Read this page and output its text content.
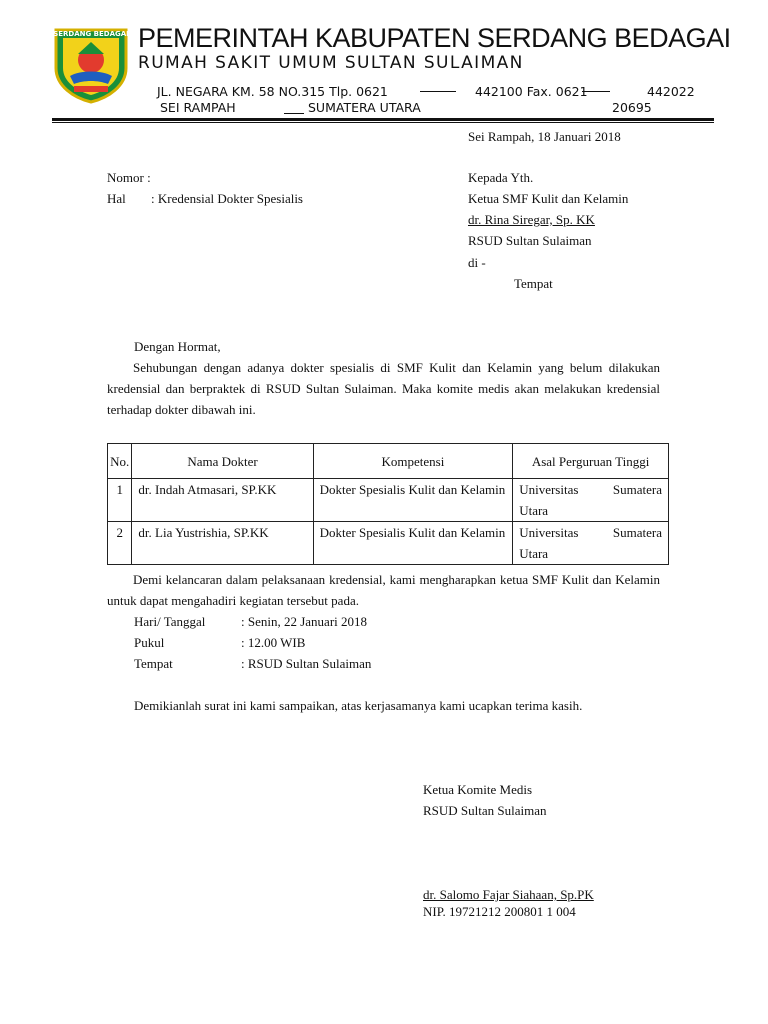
SERDANG BEDAGAI PEMERINTAH KABUPATEN SERDANG BEDAGAI
RUMAH SAKIT UMUM SULTAN SULAIMAN
JL. NEGARA KM. 58 NO.315 Tlp. 0621	442100 Fax. 0621	442022
SEI RAMPAH	SUMATERA UTARA	20695
Sei Rampah, 18 Januari 2018
Nomor :
Hal : Kredensial Dokter Spesialis
Kepada Yth.
Ketua SMF Kulit dan Kelamin
dr. Rina Siregar, Sp. KK
RSUD Sultan Sulaiman
di -
Tempat
Dengan Hormat,
Sehubungan dengan adanya dokter spesialis di SMF Kulit dan Kelamin yang belum dilakukan kredensial dan berpraktek di RSUD Sultan Sulaiman. Maka komite medis akan melakukan kredensial terhadap dokter dibawah ini.
No.	Nama Dokter	Kompetensi	Asal Perguruan Tinggi
1	dr. Indah Atmasari, SP.KK	Dokter Spesialis Kulit dan Kelamin	Universitas Sumatera Utara
2	dr. Lia Yustrishia, SP.KK	Dokter Spesialis Kulit dan Kelamin	Universitas Sumatera Utara
Demi kelancaran dalam pelaksanaan kredensial, kami mengharapkan ketua SMF Kulit dan Kelamin untuk dapat mengahadiri kegiatan tersebut pada.
Hari/ Tanggal	: Senin, 22 Januari 2018
Pukul	: 12.00 WIB
Tempat	: RSUD Sultan Sulaiman
Demikianlah surat ini kami sampaikan, atas kerjasamanya kami ucapkan terima kasih.
Ketua Komite Medis
RSUD Sultan Sulaiman
dr. Salomo Fajar Siahaan, Sp.PK
NIP. 19721212 200801 1 004
